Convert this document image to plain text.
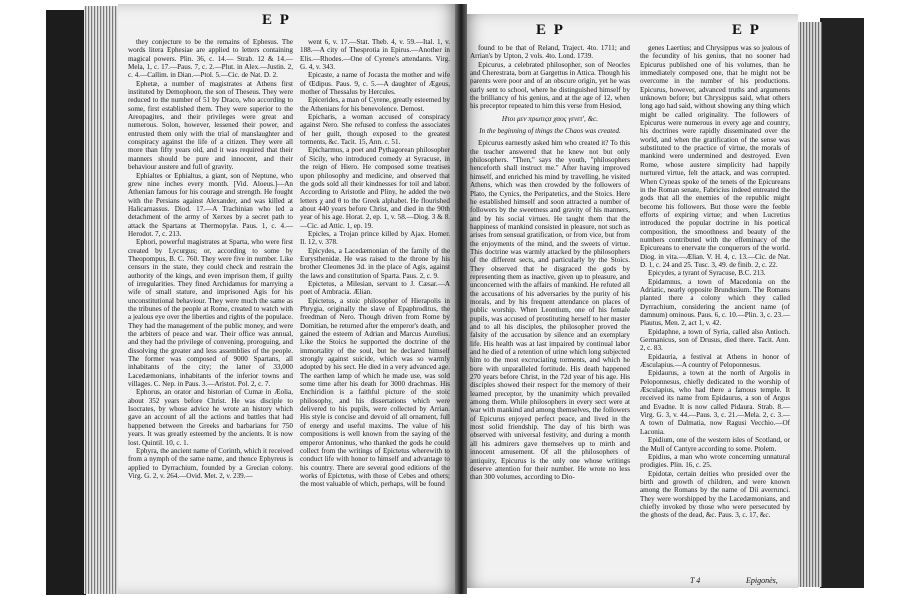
E P
E P	E P

they conjecture to be the remains of Ephesus. The words litera Ephesiae are applied to letters containing magical powers. Plin. 36, c. 14.— Strab. 12 & 14.—Mela, 1, c. 17.—Paus. 7, c. 2.—Plut. in Alex.—Justin. 2, c. 4.—Callim. in Dian.—Ptol. 5.—Cic. de Nat. D. 2.

Ephetæ, a number of magistrates at Athens first instituted by Demophoon, the son of Theseus. They were reduced to the number of 51 by Draco, who according to some, first established them. They were superior to the Areopagites, and their privileges were great and numerous. Solon, however, lessened their power, and entrusted them only with the trial of manslaughter and conspiracy against the life of a citizen. They were all more than fifty years old, and it was required that their manners should be pure and innocent, and their behaviour austere and full of gravity.

Ephialtes or Ephialtus, a giant, son of Neptune, who grew nine inches every month. [Vid. Aloeus.]—An Athenian famous for his courage and strength. He fought with the Persians against Alexander, and was killed at Halicarnassus. Diod. 17.—A Trachinian who led a detachment of the army of Xerxes by a secret path to attack the Spartans at Thermopylæ. Paus. 1, c. 4.—Herodot. 7, c. 213.

Ephori, powerful magistrates at Sparta, who were first created by Lycurgus; or, according to some by Theopompus, B. C. 760. They were five in number. Like censors in the state, they could check and restrain the authority of the kings, and even imprison them, if guilty of irregularities. They fined Archidamus for marrying a wife of small stature, and imprisoned Agis for his unconstitutional behaviour. They were much the same as the tribunes of the people at Rome, created to watch with a jealous eye over the liberties and rights of the populace. They had the management of the public money, and were the arbiters of peace and war. Their office was annual, and they had the privilege of convening, proroguing, and dissolving the greater and less assemblies of the people. The former was composed of 9000 Spartans, all inhabitants of the city; the latter of 33,000 Lacedæmonians, inhabitants of the inferior towns and villages. C. Nep. in Paus. 3.—Aristot. Pol. 2, c. 7.

Ephorus, an orator and historian of Cumæ in Æolia, about 352 years before Christ. He was disciple to Isocrates, by whose advice he wrote an history which gave an account of all the actions and battles that had happened between the Greeks and barbarians for 750 years. It was greatly esteemed by the ancients. It is now lost. Quintil. 10, c. 1.

Ephyra, the ancient name of Corinth, which it received from a nymph of the same name, and thence Ephyreus is applied to Dyrrachium, founded by a Grecian colony. Virg. G. 2, v. 264.—Ovid. Met. 2, v. 239.—

went 6, v. 17.—Stat. Theb. 4, v. 59.—Ital. 1, v. 188.—A city of Thesprotia in Epirus.—Another in Elis.—Rhodes.—One of Cyrene's attendants. Virg. G. 4, v. 343.

Epicaste, a name of Jocasta the mother and wife of Œdipus. Paus. 9, c. 5.—A daughter of Ægeus, mother of Thessalus by Hercules.

Epicerides, a man of Cyrene, greatly esteemed by the Athenians for his benevolence. Demost.

Epicharis, a woman accused of conspiracy against Nero. She refused to confess the associates of her guilt, though exposed to the greatest torments, &c. Tacit. 15, Ann. c. 51.

Epicharmus, a poet and Pythagorean philosopher of Sicily, who introduced comedy at Syracuse, in the reign of Hiero. He composed some treatises upon philosophy and medicine, and observed that the gods sold all their kindnesses for toil and labor. According to Aristotle and Pliny, he added the two letters χ and θ to the Greek alphabet. He flourished about 440 years before Christ, and died in the 90th year of his age. Horat. 2, ep. 1, v. 58.—Diog. 3 & 8.—Cic. ad Attic. 1, ep. 19.

Epicles, a Trojan prince killed by Ajax. Homer. Il. 12, v. 378.

Epicydes, a Lacedæmonian of the family of the Eurysthenidæ. He was raised to the throne by his brother Cleomenes 3d. in the place of Agis, against the laws and constitution of Sparta. Paus. 2, c. 9.

Epictetus, a Milesian, servant to J. Cæsar.—A poet of Ambracia. Ælian.

Epictetus, a stoic philosopher of Hierapolis in Phrygia, originally the slave of Epaphroditus, the freedman of Nero. Though driven from Rome by Domitian, he returned after the emperor's death, and gained the esteem of Adrian and Marcus Aurelius. Like the Stoics he supported the doctrine of the immortality of the soul, but he declared himself strongly against suicide, which was so warmly adopted by his sect. He died in a very advanced age. The earthen lamp of which he made use, was sold some time after his death for 3000 drachmas. His Enchiridion is a faithful picture of the stoic philosophy, and his dissertations which were delivered to his pupils, were collected by Arrian. His style is concise and devoid of all ornament, full of energy and useful maxims. The value of his compositions is well known from the saying of the emperor Antoninus, who thanked the gods he could collect from the writings of Epictetus wherewith to conduct life with honor to himself and advantage to his country. There are several good editions of the works of Epictetus, with those of Cebes and others; the most valuable of which, perhaps, will be found

found to be that of Reland, Traject. 4to. 1711; and Arrian's by Upton, 2 vols. 4to. Lond. 1739.

Epicurus, a celebrated philosopher, son of Neocles and Cherestrata, born at Gargettus in Attica. Though his parents were poor and of an obscure origin, yet he was early sent to school, where he distinguished himself by the brilliancy of his genius, and at the age of 12, when his preceptor repeated to him this verse from Hesiod,

Ητοι μεν πρωτιςα χαος γενετ', &c.

In the beginning of things the Chaos was created.

Epicurus earnestly asked him who created it? To this the teacher answered that he knew not but only philosophers. "Then," says the youth, "philosophers henceforth shall instruct me." After having improved himself, and enriched his mind by travelling, he visited Athens, which was then crowded by the followers of Plato, the Cynics, the Peripatetics, and the Stoics. Here he established himself and soon attracted a number of followers by the sweetness and gravity of his manners, and by his social virtues. He taught them that the happiness of mankind consisted in pleasure, not such as arises from sensual gratification, or from vice, but from the enjoyments of the mind, and the sweets of virtue. This doctrine was warmly attacked by the philosophers of the different sects, and particularly by the Stoics. They observed that he disgraced the gods by representing them as inactive, given up to pleasure, and unconcerned with the affairs of mankind. He refuted all the accusations of his adversaries by the purity of his morals, and by his frequent attendance on places of public worship. When Leontium, one of his female pupils, was accused of prostituting herself to her master and to all his disciples, the philosopher proved the falsity of the accusation by silence and an exemplary life. His health was at last impaired by continual labor and he died of a retention of urine which long subjected him to the most excruciating torments, and which he bore with unparalleled fortitude. His death happened 270 years before Christ, in the 72d year of his age. His disciples showed their respect for the memory of their learned preceptor, by the unanimity which prevailed among them. While philosophers in every sect were at war with mankind and among themselves, the followers of Epicurus enjoyed perfect peace, and lived in the most solid friendship. The day of his birth was observed with universal festivity, and during a month all his admirers gave themselves up to mirth and innocent amusement. Of all the philosophers of antiquity, Epicurus is the only one whose writings deserve attention for their number. He wrote no less than 300 volumes, according to Dio-

genes Laertius; and Chrysippus was so jealous of the fecundity of his genius, that no sooner had Epicurus published one of his volumes, than he immediately composed one, that he might not be overcome in the number of his productions. Epicurus, however, advanced truths and arguments unknown before; but Chrysippus said, what others long ago had said, without showing any thing which might be called originality. The followers of Epicurus were numerous in every age and country, his doctrines were rapidly disseminated over the world, and when the gratification of the sense was substituted to the practice of virtue, the morals of mankind were undermined and destroyed. Even Rome, whose austere simplicity had happily nurtured virtue, felt the attack, and was corrupted. When Cyneas spoke of the tenets of the Epicureans in the Roman senate, Fabricius indeed entreated the gods that all the enemies of the republic might become his followers. But those were the feeble efforts of expiring virtue; and when Lucretius introduced the popular doctrine in his poetical composition, the smoothness and beauty of the numbers contributed with the effeminacy of the Epicureans to enervate the conquerors of the world. Diog. in vita.—Ælian. V. H. 4, c. 13.—Cic. de Nat. D. 1, c. 24 and 25. Tusc. 3, 49. de finib. 2, c. 22.

Epicydes, a tyrant of Syracuse, B.C. 213.

Epidamnus, a town of Macedonia on the Adriatic, nearly opposite Brundusium. The Romans planted there a colony which they called Dyrrachium, considering the ancient name (of damnum) ominous. Paus. 6, c. 10.—Plin. 3, c. 23.—Plautus, Men. 2, act 1, v. 42.

Epidaphne, a town of Syria, called also Antioch. Germanicus, son of Drusus, died there. Tacit. Ann. 2, c. 83.

Epidauria, a festival at Athens in honor of Æsculapius.—A country of Peloponnesus.

Epidaurus, a town at the north of Argolis in Peloponnesus, chiefly dedicated to the worship of Æsculapius, who had there a famous temple. It received its name from Epidaurus, a son of Argus and Evadne. It is now called Pidaura. Strab. 8.—Virg. G. 3, v. 44.—Paus. 3, c. 21.—Mela. 2, c. 3.—A town of Dalmatia, now Ragusi Vecchio.—Of Laconia.

Epidium, one of the western isles of Scotland, or the Mull of Cantyre according to some. Ptolem.

Epidius, a man who wrote concerning unnatural prodigies. Plin. 16, c. 25.

Epidotæ, certain deities who presided over the birth and growth of children, and were known among the Romans by the name of Dii averrunci. They were worshipped by the Lacedæmonians, and chiefly invoked by those who were persecuted by the ghosts of the dead, &c. Paus. 3, c. 17, &c.

T 4	Epigonès,
